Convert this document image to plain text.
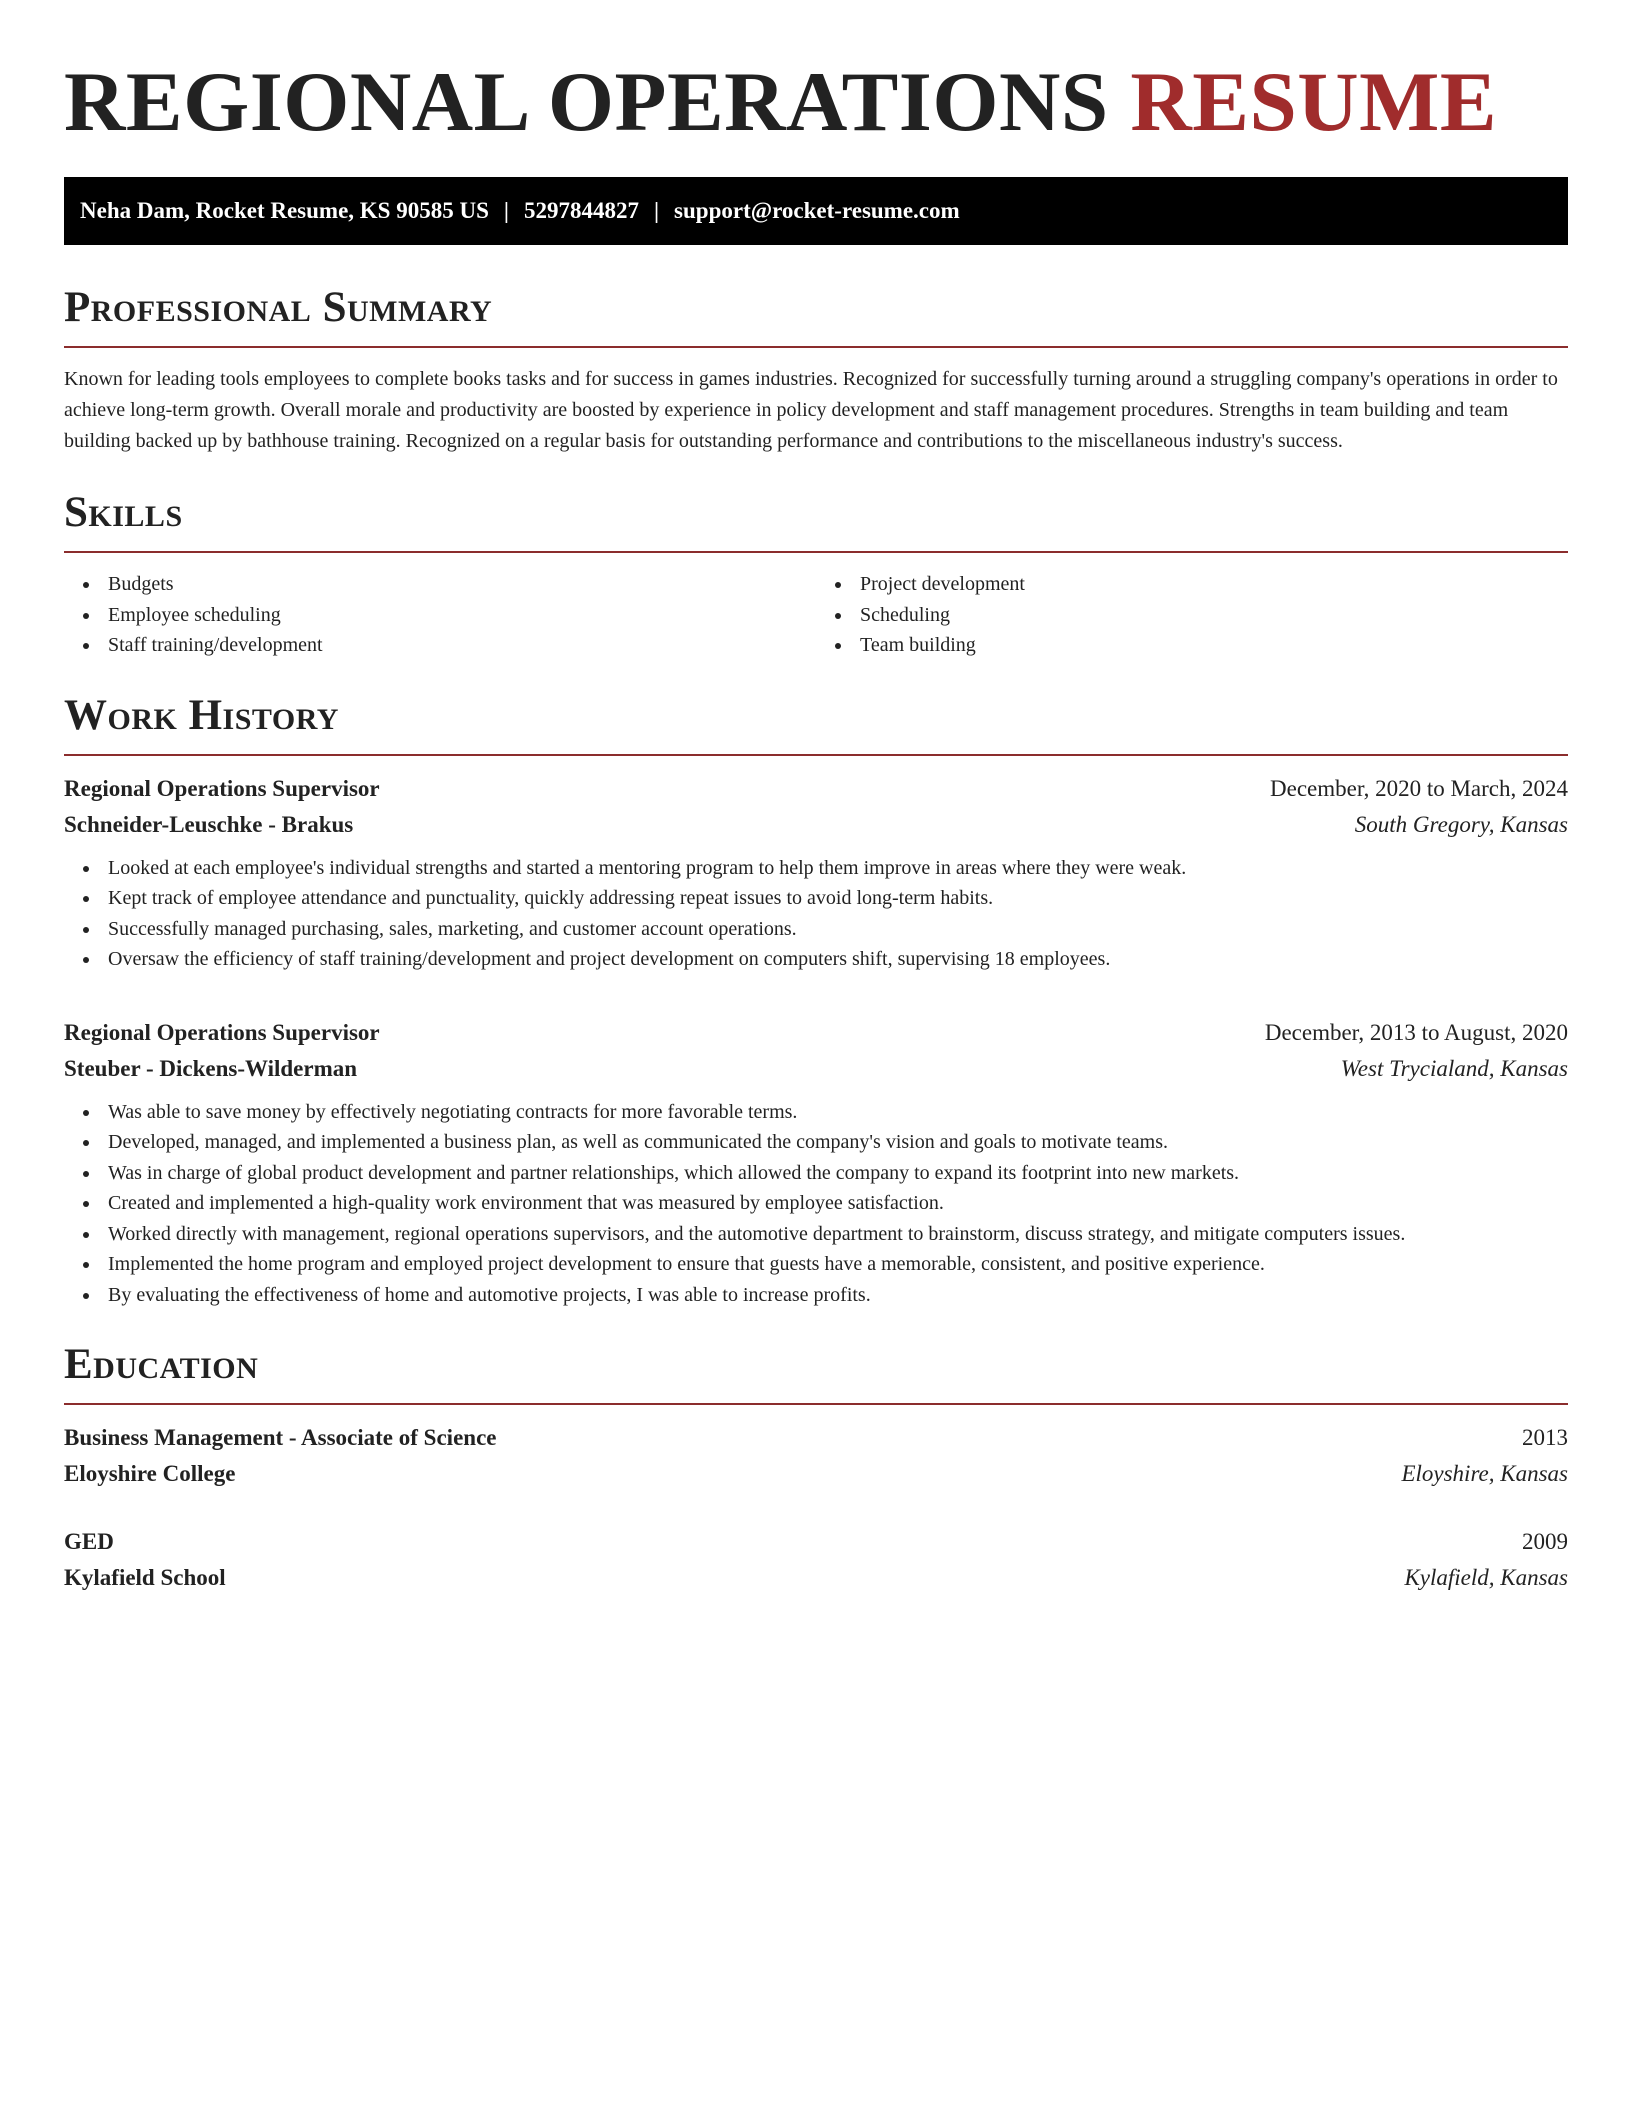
REGIONAL OPERATIONS RESUME
Neha Dam, Rocket Resume, KS 90585 US | 5297844827 | support@rocket-resume.com
Professional Summary

Known for leading tools employees to complete books tasks and for success in games industries. Recognized for successfully turning around a struggling company's operations in order to achieve long-term growth. Overall morale and productivity are boosted by experience in policy development and staff management procedures. Strengths in team building and team building backed up by bathhouse training. Recognized on a regular basis for outstanding performance and contributions to the miscellaneous industry's success.

Skills
Budgets
Employee scheduling
Staff training/development
Project development
Scheduling
Team building
Work History
Regional Operations Supervisor	December, 2020 to March, 2024
Schneider-Leuschke - Brakus	South Gregory, Kansas
Looked at each employee's individual strengths and started a mentoring program to help them improve in areas where they were weak.
Kept track of employee attendance and punctuality, quickly addressing repeat issues to avoid long-term habits.
Successfully managed purchasing, sales, marketing, and customer account operations.
Oversaw the efficiency of staff training/development and project development on computers shift, supervising 18 employees.
Regional Operations Supervisor	December, 2013 to August, 2020
Steuber - Dickens-Wilderman	West Trycialand, Kansas
Was able to save money by effectively negotiating contracts for more favorable terms.
Developed, managed, and implemented a business plan, as well as communicated the company's vision and goals to motivate teams.
Was in charge of global product development and partner relationships, which allowed the company to expand its footprint into new markets.
Created and implemented a high-quality work environment that was measured by employee satisfaction.
Worked directly with management, regional operations supervisors, and the automotive department to brainstorm, discuss strategy, and mitigate computers issues.
Implemented the home program and employed project development to ensure that guests have a memorable, consistent, and positive experience.
By evaluating the effectiveness of home and automotive projects, I was able to increase profits.
Education
Business Management - Associate of Science	2013
Eloyshire College	Eloyshire, Kansas
GED	2009
Kylafield School	Kylafield, Kansas
